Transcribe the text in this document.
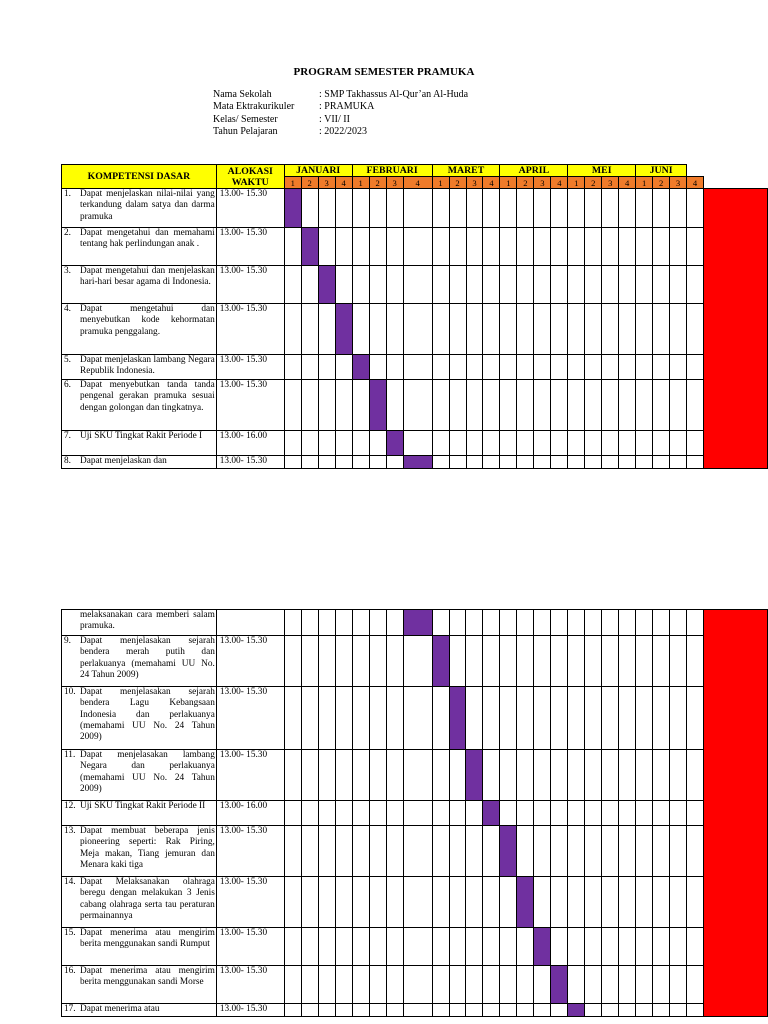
PROGRAM SEMESTER PRAMUKA
Nama Sekolah	: SMP Takhassus Al-Qur’an Al-Huda
Mata Ektrakurikuler	: PRAMUKA
Kelas/ Semester	: VII/ II
Tahun Pelajaran	: 2022/2023
KOMPETENSI DASAR	ALOKASI WAKTU	JANUARI				FEBRUARI				MARET				APRIL				MEI				JUNI				
		1	2	3	4	1	2	3	4	1	2	3	4	1	2	3	4	1	2	3	4	1	2	3	4	

1. Dapat menjelaskan nilai-nilai yang terkandung dalam satya dan darma pramuka	13.00- 15.30																									

2. Dapat mengetahui dan memahami tentang hak perlindungan anak .	13.00- 15.30																									

3. Dapat mengetahui dan menjelaskan hari-hari besar agama di Indonesia.	13.00- 15.30																									

4. Dapat mengetahui dan menyebutkan kode kehormatan pramuka penggalang.	13.00- 15.30																									

5. Dapat menjelaskan lambang Negara Republik Indonesia.	13.00- 15.30																									

6. Dapat menyebutkan tanda tanda pengenal gerakan pramuka sesuai dengan golongan dan tingkatnya.	13.00- 15.30																									

7. Uji SKU Tingkat Rakit Periode I	13.00- 16.00																									

8. Dapat menjelaskan dan	13.00- 15.30																									
melaksanakan cara memberi salam pramuka.																										

9. Dapat menjelasakan sejarah bendera merah putih dan perlakuanya (memahami UU No. 24 Tahun 2009)	13.00- 15.30																									

10. Dapat menjelasakan sejarah bendera Lagu Kebangsaan Indonesia dan perlakuanya (memahami UU No. 24 Tahun 2009)	13.00- 15.30																									

11. Dapat menjelasakan lambang Negara dan perlakuanya (memahami UU No. 24 Tahun 2009)	13.00- 15.30																									

12. Uji SKU Tingkat Rakit Periode II	13.00- 16.00																									

13. Dapat membuat beberapa jenis pioneering seperti: Rak Piring, Meja makan, Tiang jemuran dan Menara kaki tiga	13.00- 15.30																									

14. Dapat Melaksanakan olahraga beregu dengan melakukan 3 Jenis cabang olahraga serta tau peraturan permainannya	13.00- 15.30																									

15. Dapat menerima atau mengirim berita menggunakan sandi Rumput	13.00- 15.30																									

16. Dapat menerima atau mengirim berita menggunakan sandi Morse	13.00- 15.30																									

17. Dapat menerima atau	13.00- 15.30																									
